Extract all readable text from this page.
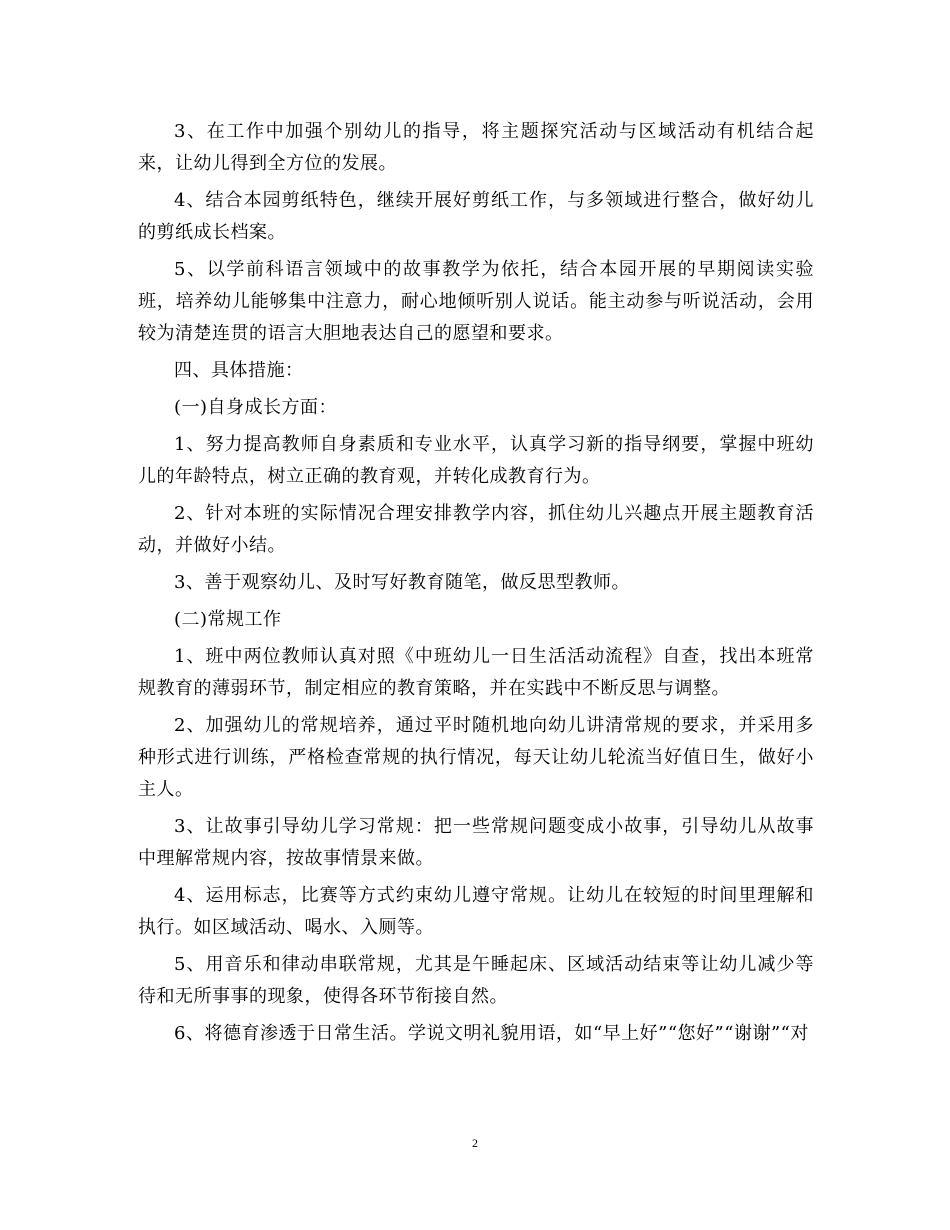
3、在工作中加强个别幼儿的指导，将主题探究活动与区域活动有机结合起来，让幼儿得到全方位的发展。

4、结合本园剪纸特色，继续开展好剪纸工作，与多领域进行整合，做好幼儿的剪纸成长档案。

5、以学前科语言领域中的故事教学为依托，结合本园开展的早期阅读实验班，培养幼儿能够集中注意力，耐心地倾听别人说话。能主动参与听说活动，会用较为清楚连贯的语言大胆地表达自己的愿望和要求。

四、具体措施：

(一)自身成长方面：

1、努力提高教师自身素质和专业水平，认真学习新的指导纲要，掌握中班幼儿的年龄特点，树立正确的教育观，并转化成教育行为。

2、针对本班的实际情况合理安排教学内容，抓住幼儿兴趣点开展主题教育活动，并做好小结。

3、善于观察幼儿、及时写好教育随笔，做反思型教师。

(二)常规工作

1、班中两位教师认真对照《中班幼儿一日生活活动流程》自查，找出本班常规教育的薄弱环节，制定相应的教育策略，并在实践中不断反思与调整。

2、加强幼儿的常规培养，通过平时随机地向幼儿讲清常规的要求，并采用多种形式进行训练，严格检查常规的执行情况，每天让幼儿轮流当好值日生，做好小主人。

3、让故事引导幼儿学习常规：把一些常规问题变成小故事，引导幼儿从故事中理解常规内容，按故事情景来做。

4、运用标志，比赛等方式约束幼儿遵守常规。让幼儿在较短的时间里理解和执行。如区域活动、喝水、入厕等。

5、用音乐和律动串联常规，尤其是午睡起床、区域活动结束等让幼儿减少等待和无所事事的现象，使得各环节衔接自然。

6、将德育渗透于日常生活。学说文明礼貌用语，如“早上好”“您好”“谢谢”“对

2
